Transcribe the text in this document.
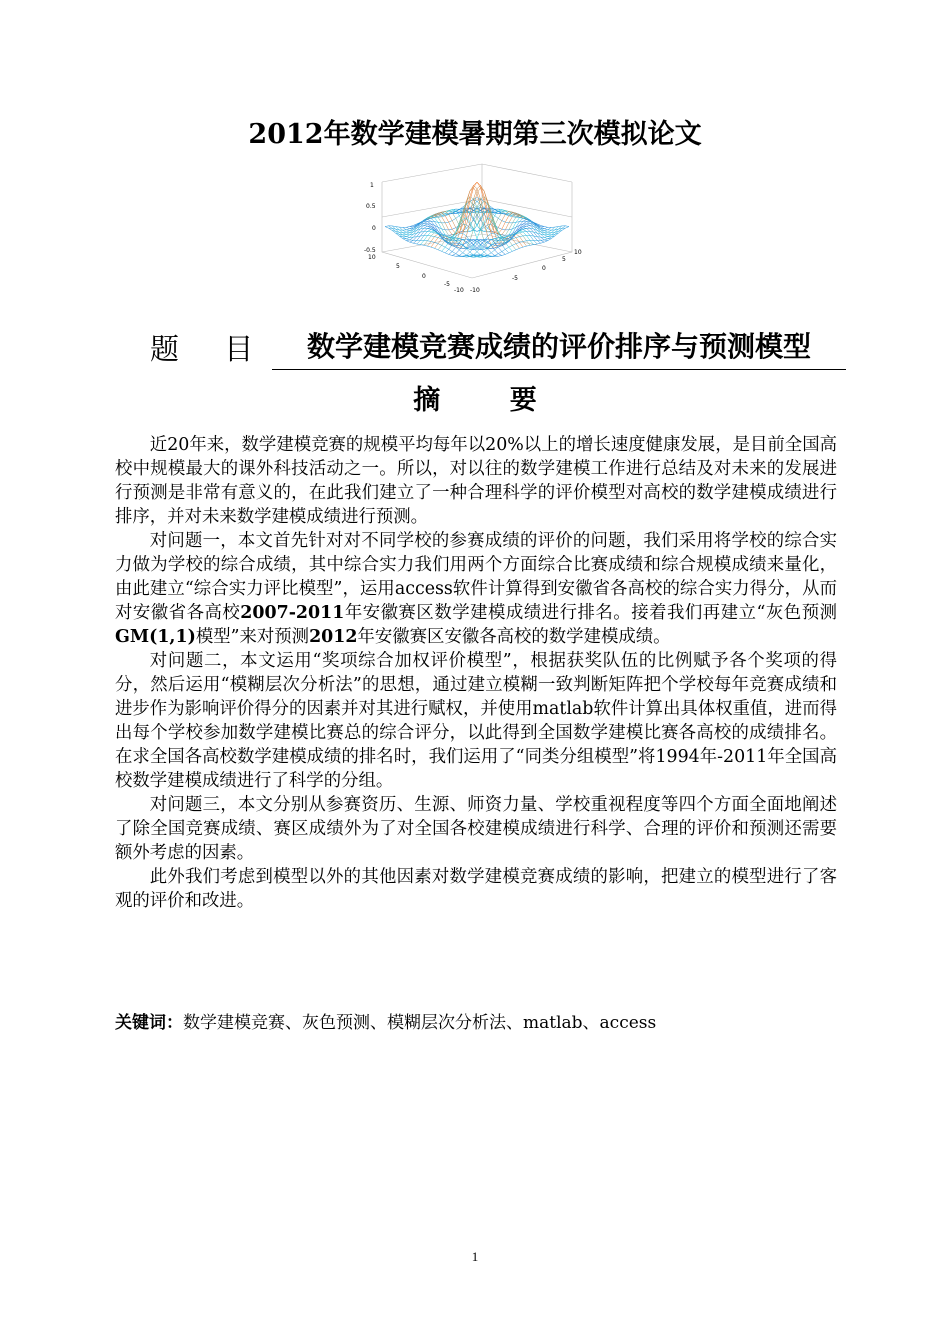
2012年数学建模暑期第三次模拟论文
1
0.5
0
-0.5
10
5
0
-5
-10 -10
-5
0
5
10
题 目	数学建模竞赛成绩的评价排序与预测模型
摘 要

近20年来，数学建模竞赛的规模平均每年以20%以上的增长速度健康发展，是目前全国高校中规模最大的课外科技活动之一。所以，对以往的数学建模工作进行总结及对未来的发展进行预测是非常有意义的，在此我们建立了一种合理科学的评价模型对高校的数学建模成绩进行排序，并对未来数学建模成绩进行预测。

对问题一，本文首先针对对不同学校的参赛成绩的评价的问题，我们采用将学校的综合实力做为学校的综合成绩，其中综合实力我们用两个方面综合比赛成绩和综合规模成绩来量化，由此建立“综合实力评比模型”，运用access软件计算得到安徽省各高校的综合实力得分，从而对安徽省各高校2007-2011年安徽赛区数学建模成绩进行排名。接着我们再建立“灰色预测GM(1,1)模型”来对预测2012年安徽赛区安徽各高校的数学建模成绩。

对问题二，本文运用“奖项综合加权评价模型”，根据获奖队伍的比例赋予各个奖项的得分，然后运用“模糊层次分析法”的思想，通过建立模糊一致判断矩阵把个学校每年竞赛成绩和进步作为影响评价得分的因素并对其进行赋权，并使用matlab软件计算出具体权重值，进而得出每个学校参加数学建模比赛总的综合评分，以此得到全国数学建模比赛各高校的成绩排名。在求全国各高校数学建模成绩的排名时，我们运用了“同类分组模型”将1994年-2011年全国高校数学建模成绩进行了科学的分组。

对问题三，本文分别从参赛资历、生源、师资力量、学校重视程度等四个方面全面地阐述了除全国竞赛成绩、赛区成绩外为了对全国各校建模成绩进行科学、合理的评价和预测还需要额外考虑的因素。

此外我们考虑到模型以外的其他因素对数学建模竞赛成绩的影响，把建立的模型进行了客观的评价和改进。

关键词：数学建模竞赛、灰色预测、模糊层次分析法、matlab、access
1
